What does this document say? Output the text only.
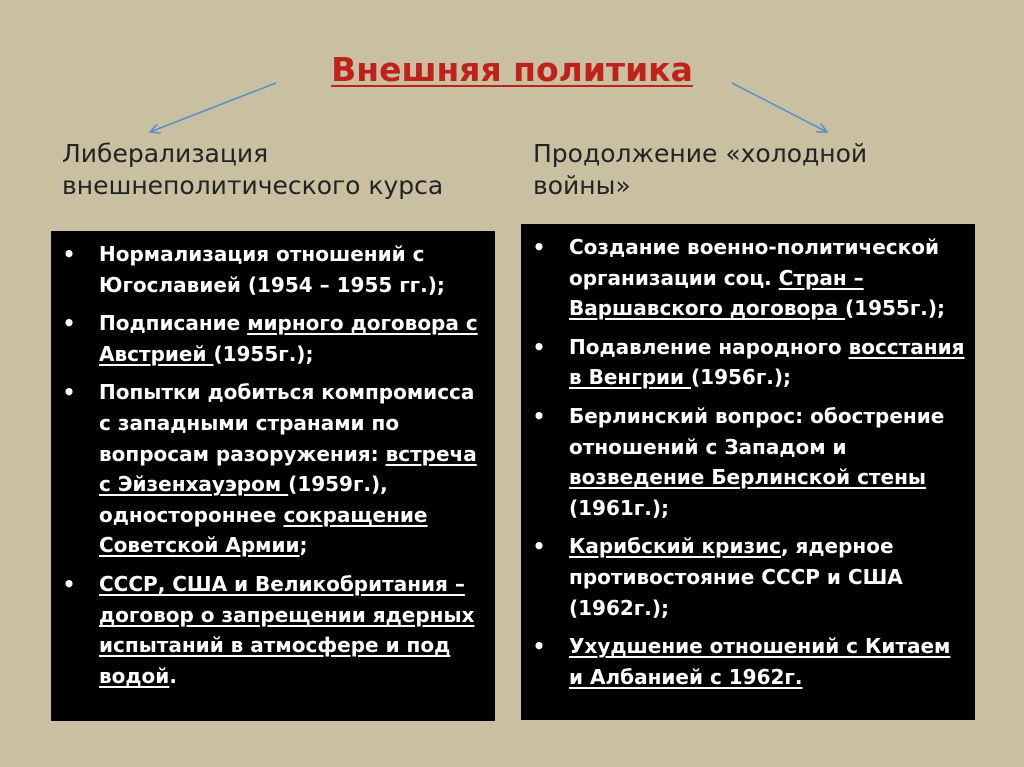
Внешняя политика
Либерализация
внешнеполитического курса
Продолжение «холодной
войны»
• Нормализация отношений с Югославией (1954 – 1955 гг.);
• Подписание мирного договора с Австрией (1955г.);
• Попытки добиться компромисса с западными странами по вопросам разоружения: встреча с Эйзенхауэром (1959г.), одностороннее сокращение Советской Армии;
• СССР, США и Великобритания – договор о запрещении ядерных испытаний в атмосфере и под водой.
• Создание военно-политической организации соц. Стран – Варшавского договора (1955г.);
• Подавление народного восстания в Венгрии (1956г.);
• Берлинский вопрос: обострение отношений с Западом и возведение Берлинской стены (1961г.);
• Карибский кризис, ядерное противостояние СССР и США (1962г.);
• Ухудшение отношений с Китаем и Албанией с 1962г.
